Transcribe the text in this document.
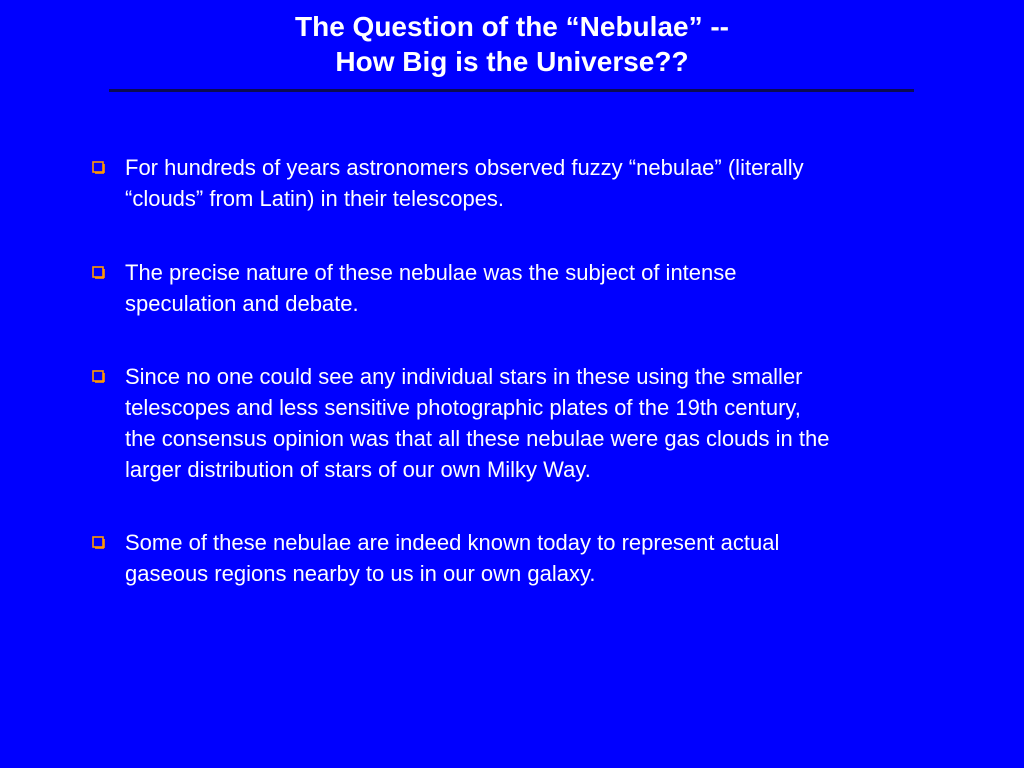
The Question of the “Nebulae” --
How Big is the Universe??
For hundreds of years astronomers observed fuzzy “nebulae” (literally
“clouds” from Latin) in their telescopes.
The precise nature of these nebulae was the subject of intense
speculation and debate.
Since no one could see any individual stars in these using the smaller
telescopes and less sensitive photographic plates of the 19th century,
the consensus opinion was that all these nebulae were gas clouds in the
larger distribution of stars of our own Milky Way.
Some of these nebulae are indeed known today to represent actual
gaseous regions nearby to us in our own galaxy.
